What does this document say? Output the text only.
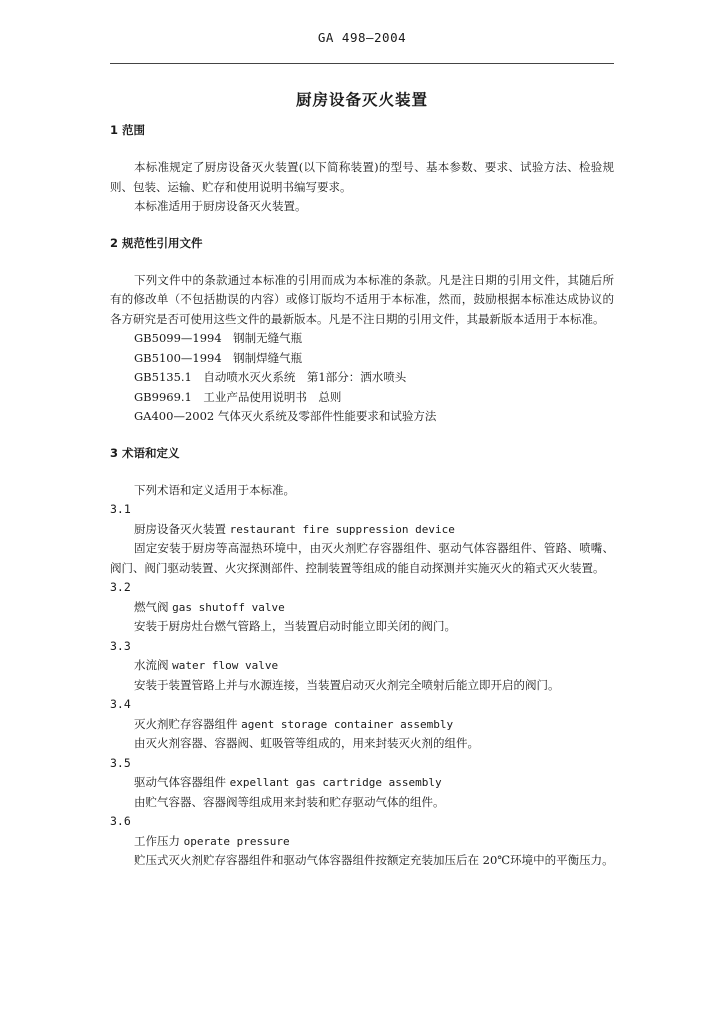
GA 498—2004
厨房设备灭火装置
1 范围
本标准规定了厨房设备灭火装置(以下简称装置)的型号、基本参数、要求、试验方法、检验规则、包装、运输、贮存和使用说明书编写要求。
本标准适用于厨房设备灭火装置。
2 规范性引用文件
下列文件中的条款通过本标准的引用而成为本标准的条款。凡是注日期的引用文件，其随后所有的修改单（不包括勘误的内容）或修订版均不适用于本标准，然而，鼓励根据本标准达成协议的各方研究是否可使用这些文件的最新版本。凡是不注日期的引用文件，其最新版本适用于本标准。
GB5099—1994　钢制无缝气瓶
GB5100—1994　钢制焊缝气瓶
GB5135.1　自动喷水灭火系统　第1部分：洒水喷头
GB9969.1　工业产品使用说明书　总则
GA400—2002 气体灭火系统及零部件性能要求和试验方法
3 术语和定义
下列术语和定义适用于本标准。
3.1
厨房设备灭火装置 restaurant fire suppression device
固定安装于厨房等高湿热环境中，由灭火剂贮存容器组件、驱动气体容器组件、管路、喷嘴、阀门、阀门驱动装置、火灾探测部件、控制装置等组成的能自动探测并实施灭火的箱式灭火装置。
3.2
燃气阀 gas shutoff valve
安装于厨房灶台燃气管路上，当装置启动时能立即关闭的阀门。
3.3
水流阀 water flow valve
安装于装置管路上并与水源连接，当装置启动灭火剂完全喷射后能立即开启的阀门。
3.4
灭火剂贮存容器组件 agent storage container assembly
由灭火剂容器、容器阀、虹吸管等组成的，用来封装灭火剂的组件。
3.5
驱动气体容器组件 expellant gas cartridge assembly
由贮气容器、容器阀等组成用来封装和贮存驱动气体的组件。
3.6
工作压力 operate pressure
贮压式灭火剂贮存容器组件和驱动气体容器组件按额定充装加压后在 20℃环境中的平衡压力。
